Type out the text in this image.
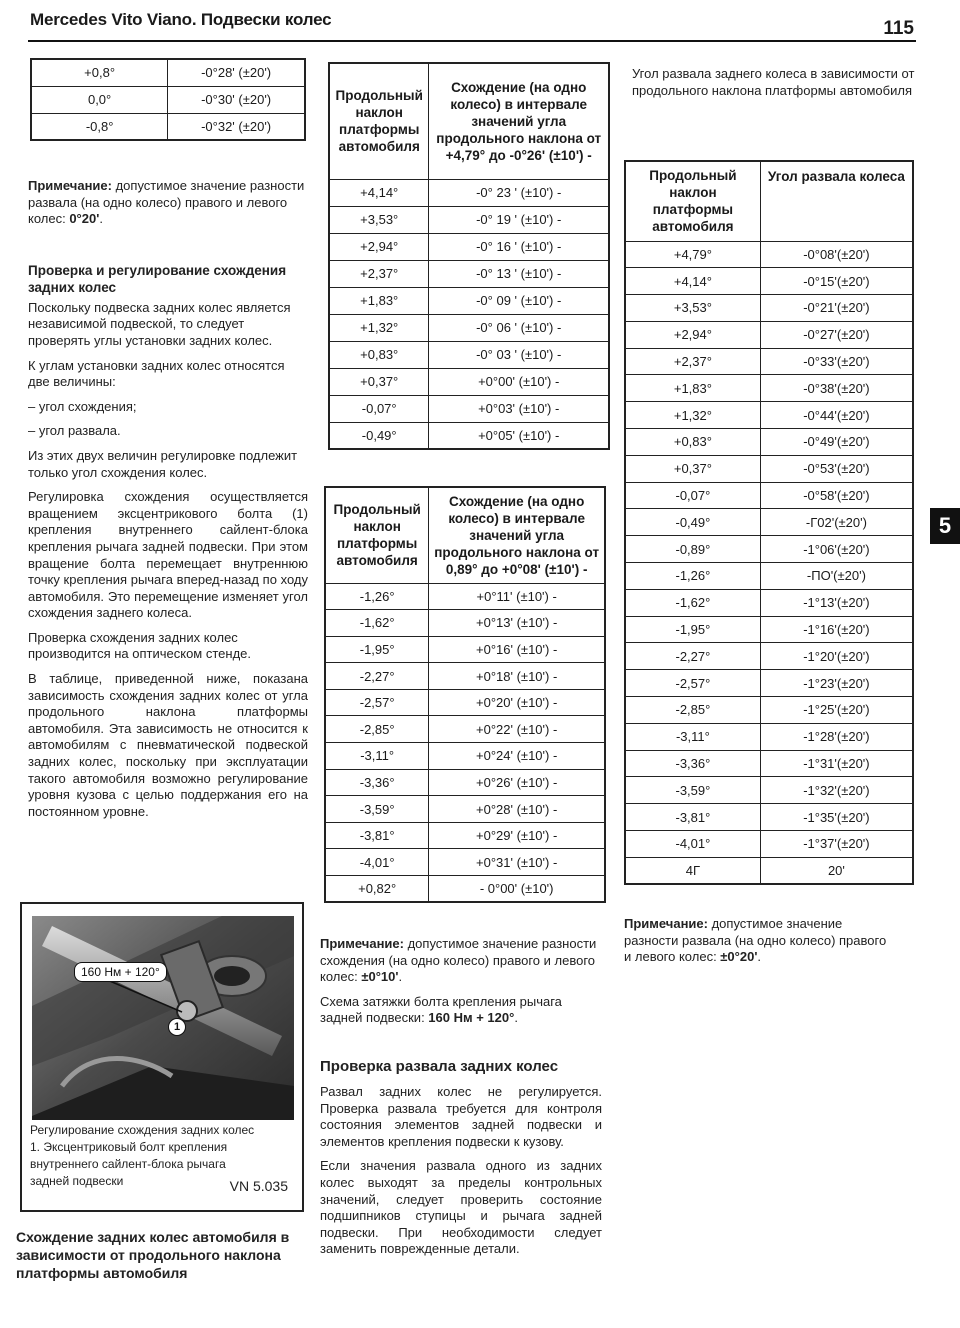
Mercedes Vito Viano. Подвески колес	115
5
+0,8°	-0°28' (±20')
0,0°	-0°30' (±20')
-0,8°	-0°32' (±20')

Примечание: допустимое значение разности развала (на одно колесо) правого и левого колес: 0°20'.

Проверка и регулирование схождения задних колес

Поскольку подвеска задних колес является независимой подвеской, то следует проверять углы установки задних колес.

К углам установки задних колес относятся две величины:

– угол схождения;

– угол развала.

Из этих двух величин регулировке подлежит только угол схождения колес.

Регулировка схождения осуществляется вращением эксцентрикового болта (1) крепления внутреннего сайлент-блока крепления рычага задней подвески. При этом вращение болта перемещает внутреннюю точку крепления рычага вперед-назад по ходу автомобиля. Это перемещение изменяет угол схождения заднего колеса.

Проверка схождения задних колес производится на оптическом стенде.

В таблице, приведенной ниже, показана зависимость схождения задних колес от угла продольного наклона платформы автомобиля. Эта зависимость не относится к автомобилям с пневматической подвеской задних колес, поскольку при эксплуатации такого автомобиля возможно регулирование уровня кузова с целью поддержания его на постоянном уровне.

160 Нм + 120°
1
Регулирование схождения задних колес
1. Эксцентриковый болт крепления внутреннего сайлент-блока рычага задней подвески	VN 5.035
Схождение задних колес автомобиля в зависимости от продольного наклона платформы автомобиля
Продольный наклон платформы автомобиля	Схождение (на одно колесо) в интервале значений угла продольного наклона от +4,79° до -0°26' (±10') -
+4,14°	-0° 23 ' (±10') -
+3,53°	-0° 19 ' (±10') -
+2,94°	-0° 16 ' (±10') -
+2,37°	-0° 13 ' (±10') -
+1,83°	-0° 09 ' (±10') -
+1,32°	-0° 06 ' (±10') -
+0,83°	-0° 03 ' (±10') -
+0,37°	+0°00' (±10') -
-0,07°	+0°03' (±10') -
-0,49°	+0°05' (±10') -
Продольный наклон платформы автомобиля	Схождение (на одно колесо) в интервале значений угла продольного наклона от 0,89° до +0°08' (±10') -
-1,26°	+0°11' (±10') -
-1,62°	+0°13' (±10') -
-1,95°	+0°16' (±10') -
-2,27°	+0°18' (±10') -
-2,57°	+0°20' (±10') -
-2,85°	+0°22' (±10') -
-3,11°	+0°24' (±10') -
-3,36°	+0°26' (±10') -
-3,59°	+0°28' (±10') -
-3,81°	+0°29' (±10') -
-4,01°	+0°31' (±10') -
+0,82°	- 0°00' (±10')

Примечание: допустимое значение разности схождения (на одно колесо) правого и левого колес: ±0°10'.

Схема затяжки болта крепления рычага задней подвески: 160 Нм + 120°.

Проверка развала задних колес

Развал задних колес не регулируется. Проверка развала требуется для контроля состояния элементов задней подвески и элементов крепления подвески к кузову.

Если значения развала одного из задних колес выходят за пределы контрольных значений, следует проверить состояние подшипников ступицы и рычага задней подвески. При необходимости следует заменить поврежденные детали.

Угол развала заднего колеса в зависимости от продольного наклона платформы автомобиля

Продольный наклон платформы автомобиля	Угол развала колеса
+4,79°	-0°08'(±20')
+4,14°	-0°15'(±20')
+3,53°	-0°21'(±20')
+2,94°	-0°27'(±20')
+2,37°	-0°33'(±20')
+1,83°	-0°38'(±20')
+1,32°	-0°44'(±20')
+0,83°	-0°49'(±20')
+0,37°	-0°53'(±20')
-0,07°	-0°58'(±20')
-0,49°	-Г02'(±20')
-0,89°	-1°06'(±20')
-1,26°	-ПО'(±20')
-1,62°	-1°13'(±20')
-1,95°	-1°16'(±20')
-2,27°	-1°20'(±20')
-2,57°	-1°23'(±20')
-2,85°	-1°25'(±20')
-3,11°	-1°28'(±20')
-3,36°	-1°31'(±20')
-3,59°	-1°32'(±20')
-3,81°	-1°35'(±20')
-4,01°	-1°37'(±20')
4Г	20'

Примечание: допустимое значение разности развала (на одно колесо) правого и левого колес: ±0°20'.
